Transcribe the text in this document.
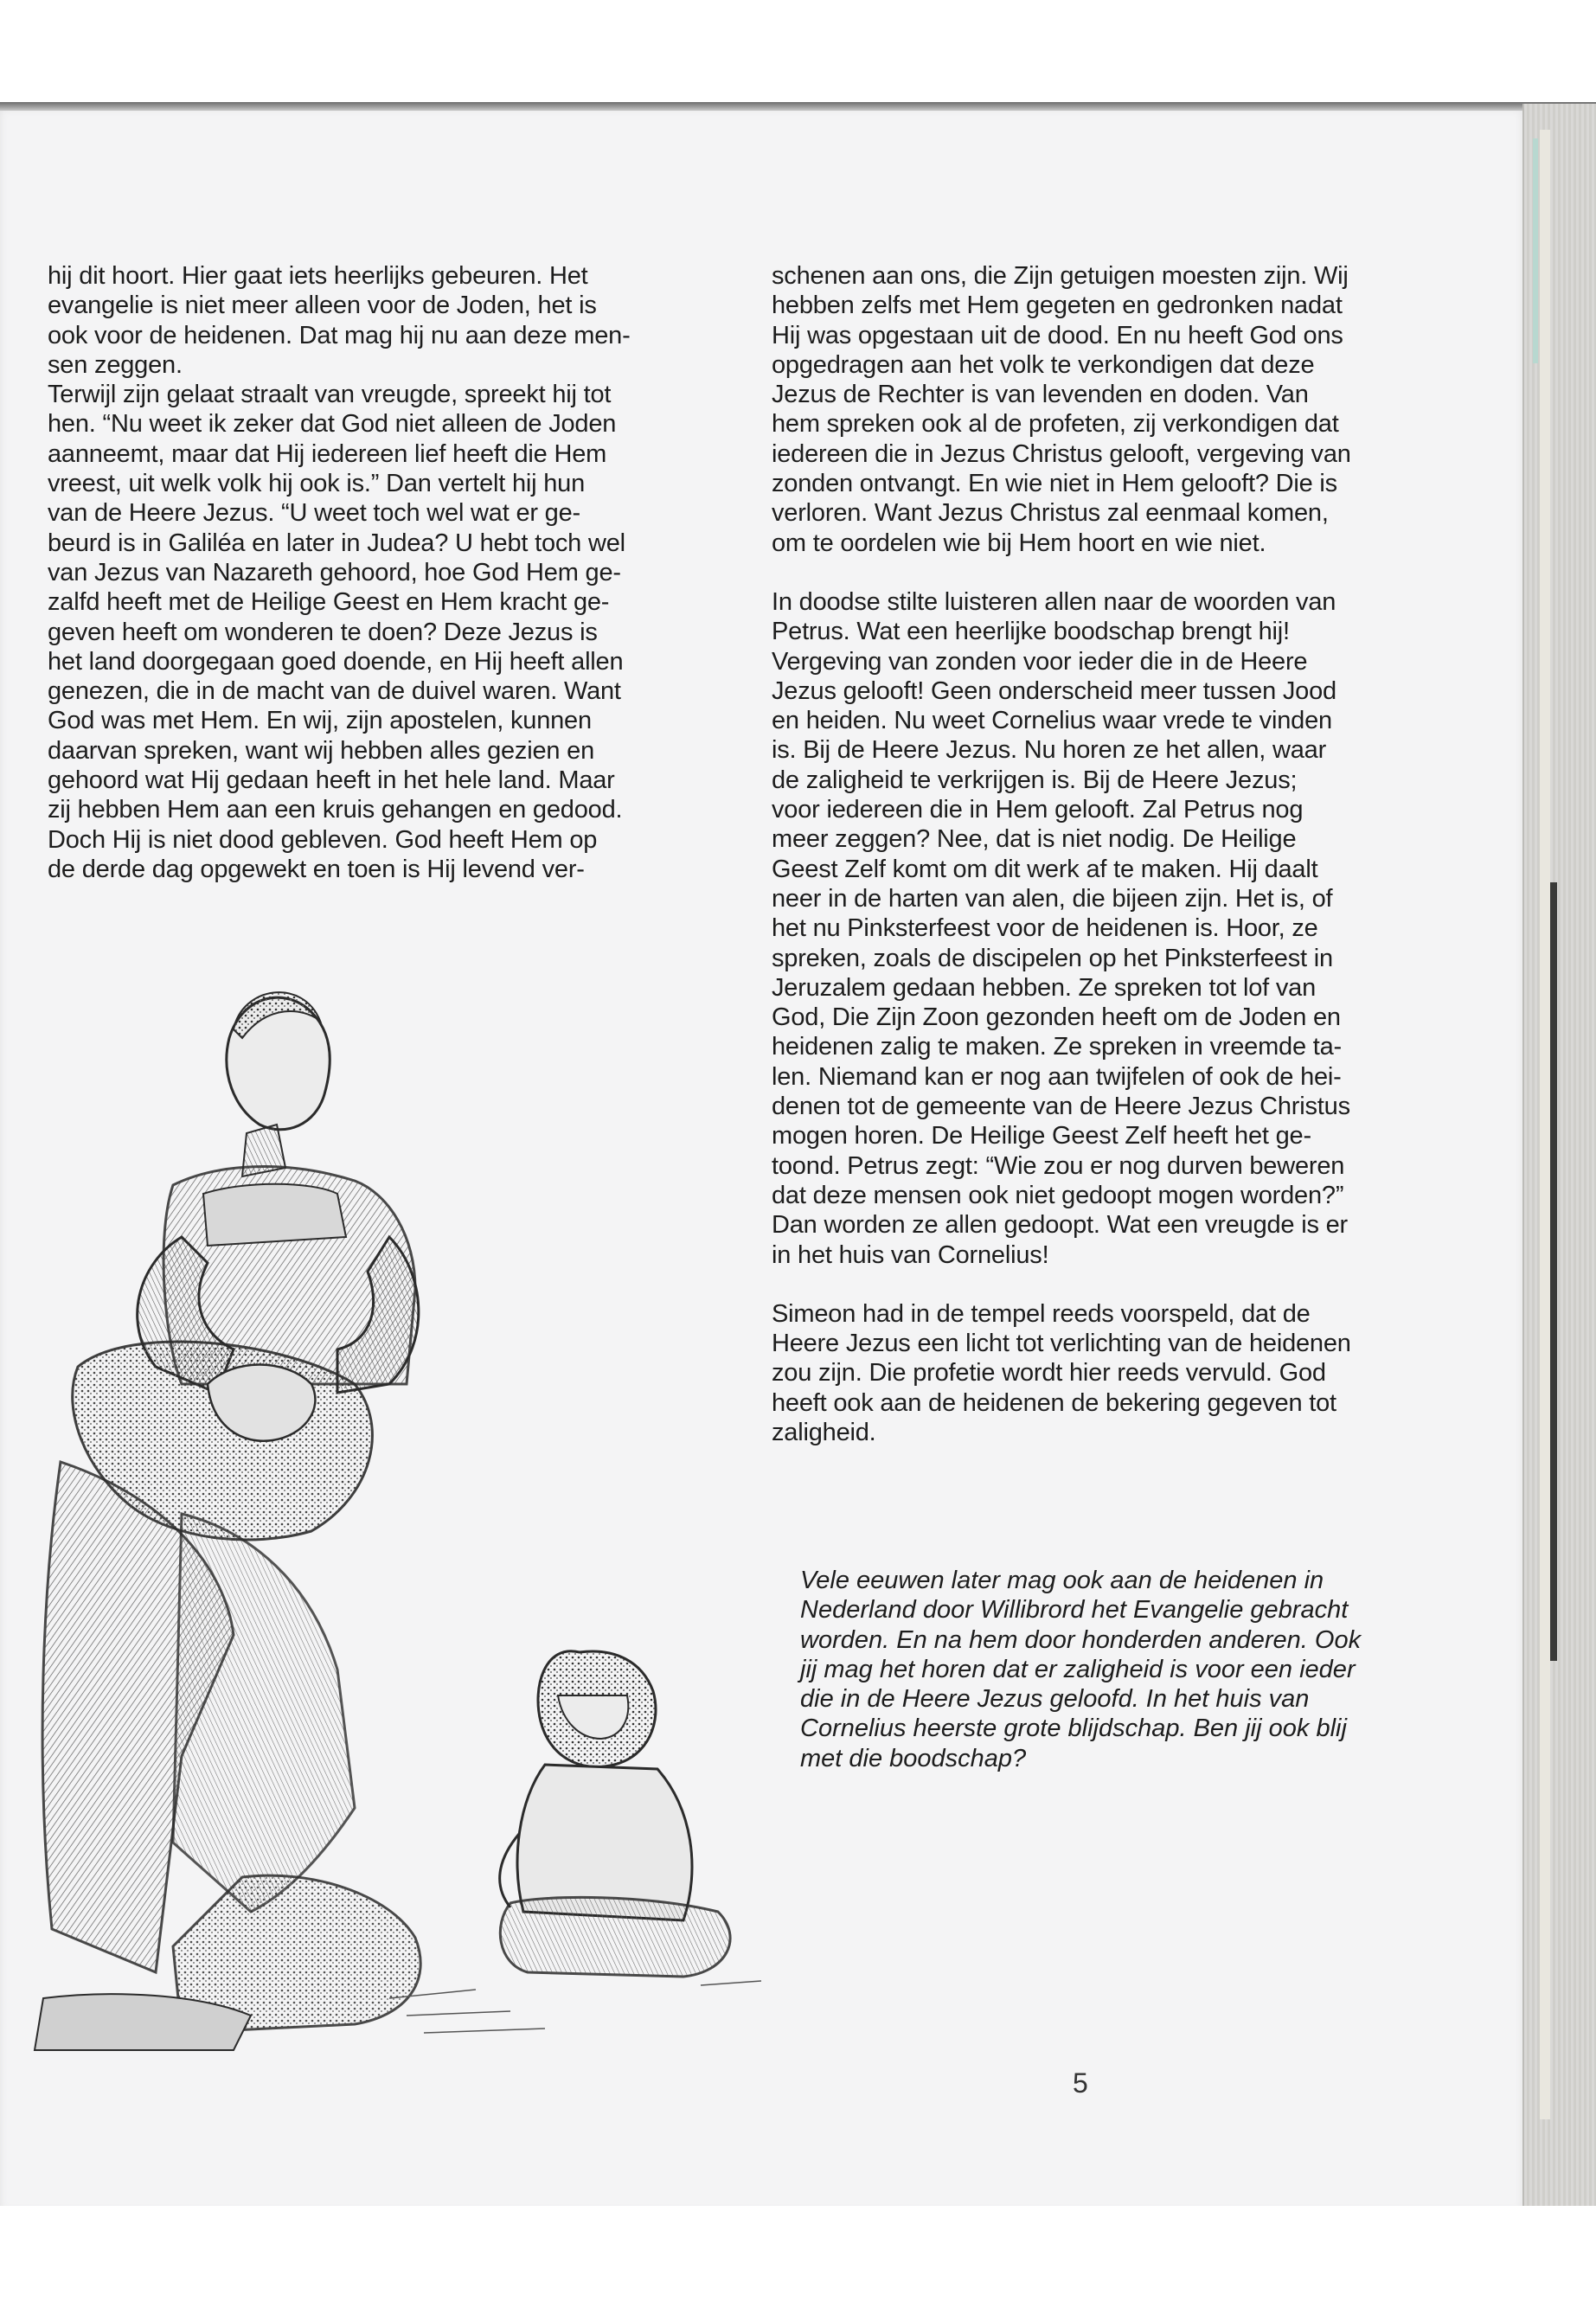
hij dit hoort. Hier gaat iets heerlijks gebeuren. Het
evangelie is niet meer alleen voor de Joden, het is
ook voor de heidenen. Dat mag hij nu aan deze men-
sen zeggen.

Terwijl zijn gelaat straalt van vreugde, spreekt hij tot
hen. “Nu weet ik zeker dat God niet alleen de Joden
aanneemt, maar dat Hij iedereen lief heeft die Hem
vreest, uit welk volk hij ook is.” Dan vertelt hij hun
van de Heere Jezus. “U weet toch wel wat er ge-
beurd is in Galiléa en later in Judea? U hebt toch wel
van Jezus van Nazareth gehoord, hoe God Hem ge-
zalfd heeft met de Heilige Geest en Hem kracht ge-
geven heeft om wonderen te doen? Deze Jezus is
het land doorgegaan goed doende, en Hij heeft allen
genezen, die in de macht van de duivel waren. Want
God was met Hem. En wij, zijn apostelen, kunnen
daarvan spreken, want wij hebben alles gezien en
gehoord wat Hij gedaan heeft in het hele land. Maar
zij hebben Hem aan een kruis gehangen en gedood.
Doch Hij is niet dood gebleven. God heeft Hem op
de derde dag opgewekt en toen is Hij levend ver-

schenen aan ons, die Zijn getuigen moesten zijn. Wij
hebben zelfs met Hem gegeten en gedronken nadat
Hij was opgestaan uit de dood. En nu heeft God ons
opgedragen aan het volk te verkondigen dat deze
Jezus de Rechter is van levenden en doden. Van
hem spreken ook al de profeten, zij verkondigen dat
iedereen die in Jezus Christus gelooft, vergeving van
zonden ontvangt. En wie niet in Hem gelooft? Die is
verloren. Want Jezus Christus zal eenmaal komen,
om te oordelen wie bij Hem hoort en wie niet.

In doodse stilte luisteren allen naar de woorden van
Petrus. Wat een heerlijke boodschap brengt hij!
Vergeving van zonden voor ieder die in de Heere
Jezus gelooft! Geen onderscheid meer tussen Jood
en heiden. Nu weet Cornelius waar vrede te vinden
is. Bij de Heere Jezus. Nu horen ze het allen, waar
de zaligheid te verkrijgen is. Bij de Heere Jezus;
voor iedereen die in Hem gelooft. Zal Petrus nog
meer zeggen? Nee, dat is niet nodig. De Heilige
Geest Zelf komt om dit werk af te maken. Hij daalt
neer in de harten van alen, die bijeen zijn. Het is, of
het nu Pinksterfeest voor de heidenen is. Hoor, ze
spreken, zoals de discipelen op het Pinksterfeest in
Jeruzalem gedaan hebben. Ze spreken tot lof van
God, Die Zijn Zoon gezonden heeft om de Joden en
heidenen zalig te maken. Ze spreken in vreemde ta-
len. Niemand kan er nog aan twijfelen of ook de hei-
denen tot de gemeente van de Heere Jezus Christus
mogen horen. De Heilige Geest Zelf heeft het ge-
toond. Petrus zegt: “Wie zou er nog durven beweren
dat deze mensen ook niet gedoopt mogen worden?”
Dan worden ze allen gedoopt. Wat een vreugde is er
in het huis van Cornelius!

Simeon had in de tempel reeds voorspeld, dat de
Heere Jezus een licht tot verlichting van de heidenen
zou zijn. Die profetie wordt hier reeds vervuld. God
heeft ook aan de heidenen de bekering gegeven tot
zaligheid.

Vele eeuwen later mag ook aan de heidenen in
Nederland door Willibrord het Evangelie gebracht
worden. En na hem door honderden anderen. Ook
jij mag het horen dat er zaligheid is voor een ieder
die in de Heere Jezus geloofd. In het huis van
Cornelius heerste grote blijdschap. Ben jij ook blij
met die boodschap?
5
